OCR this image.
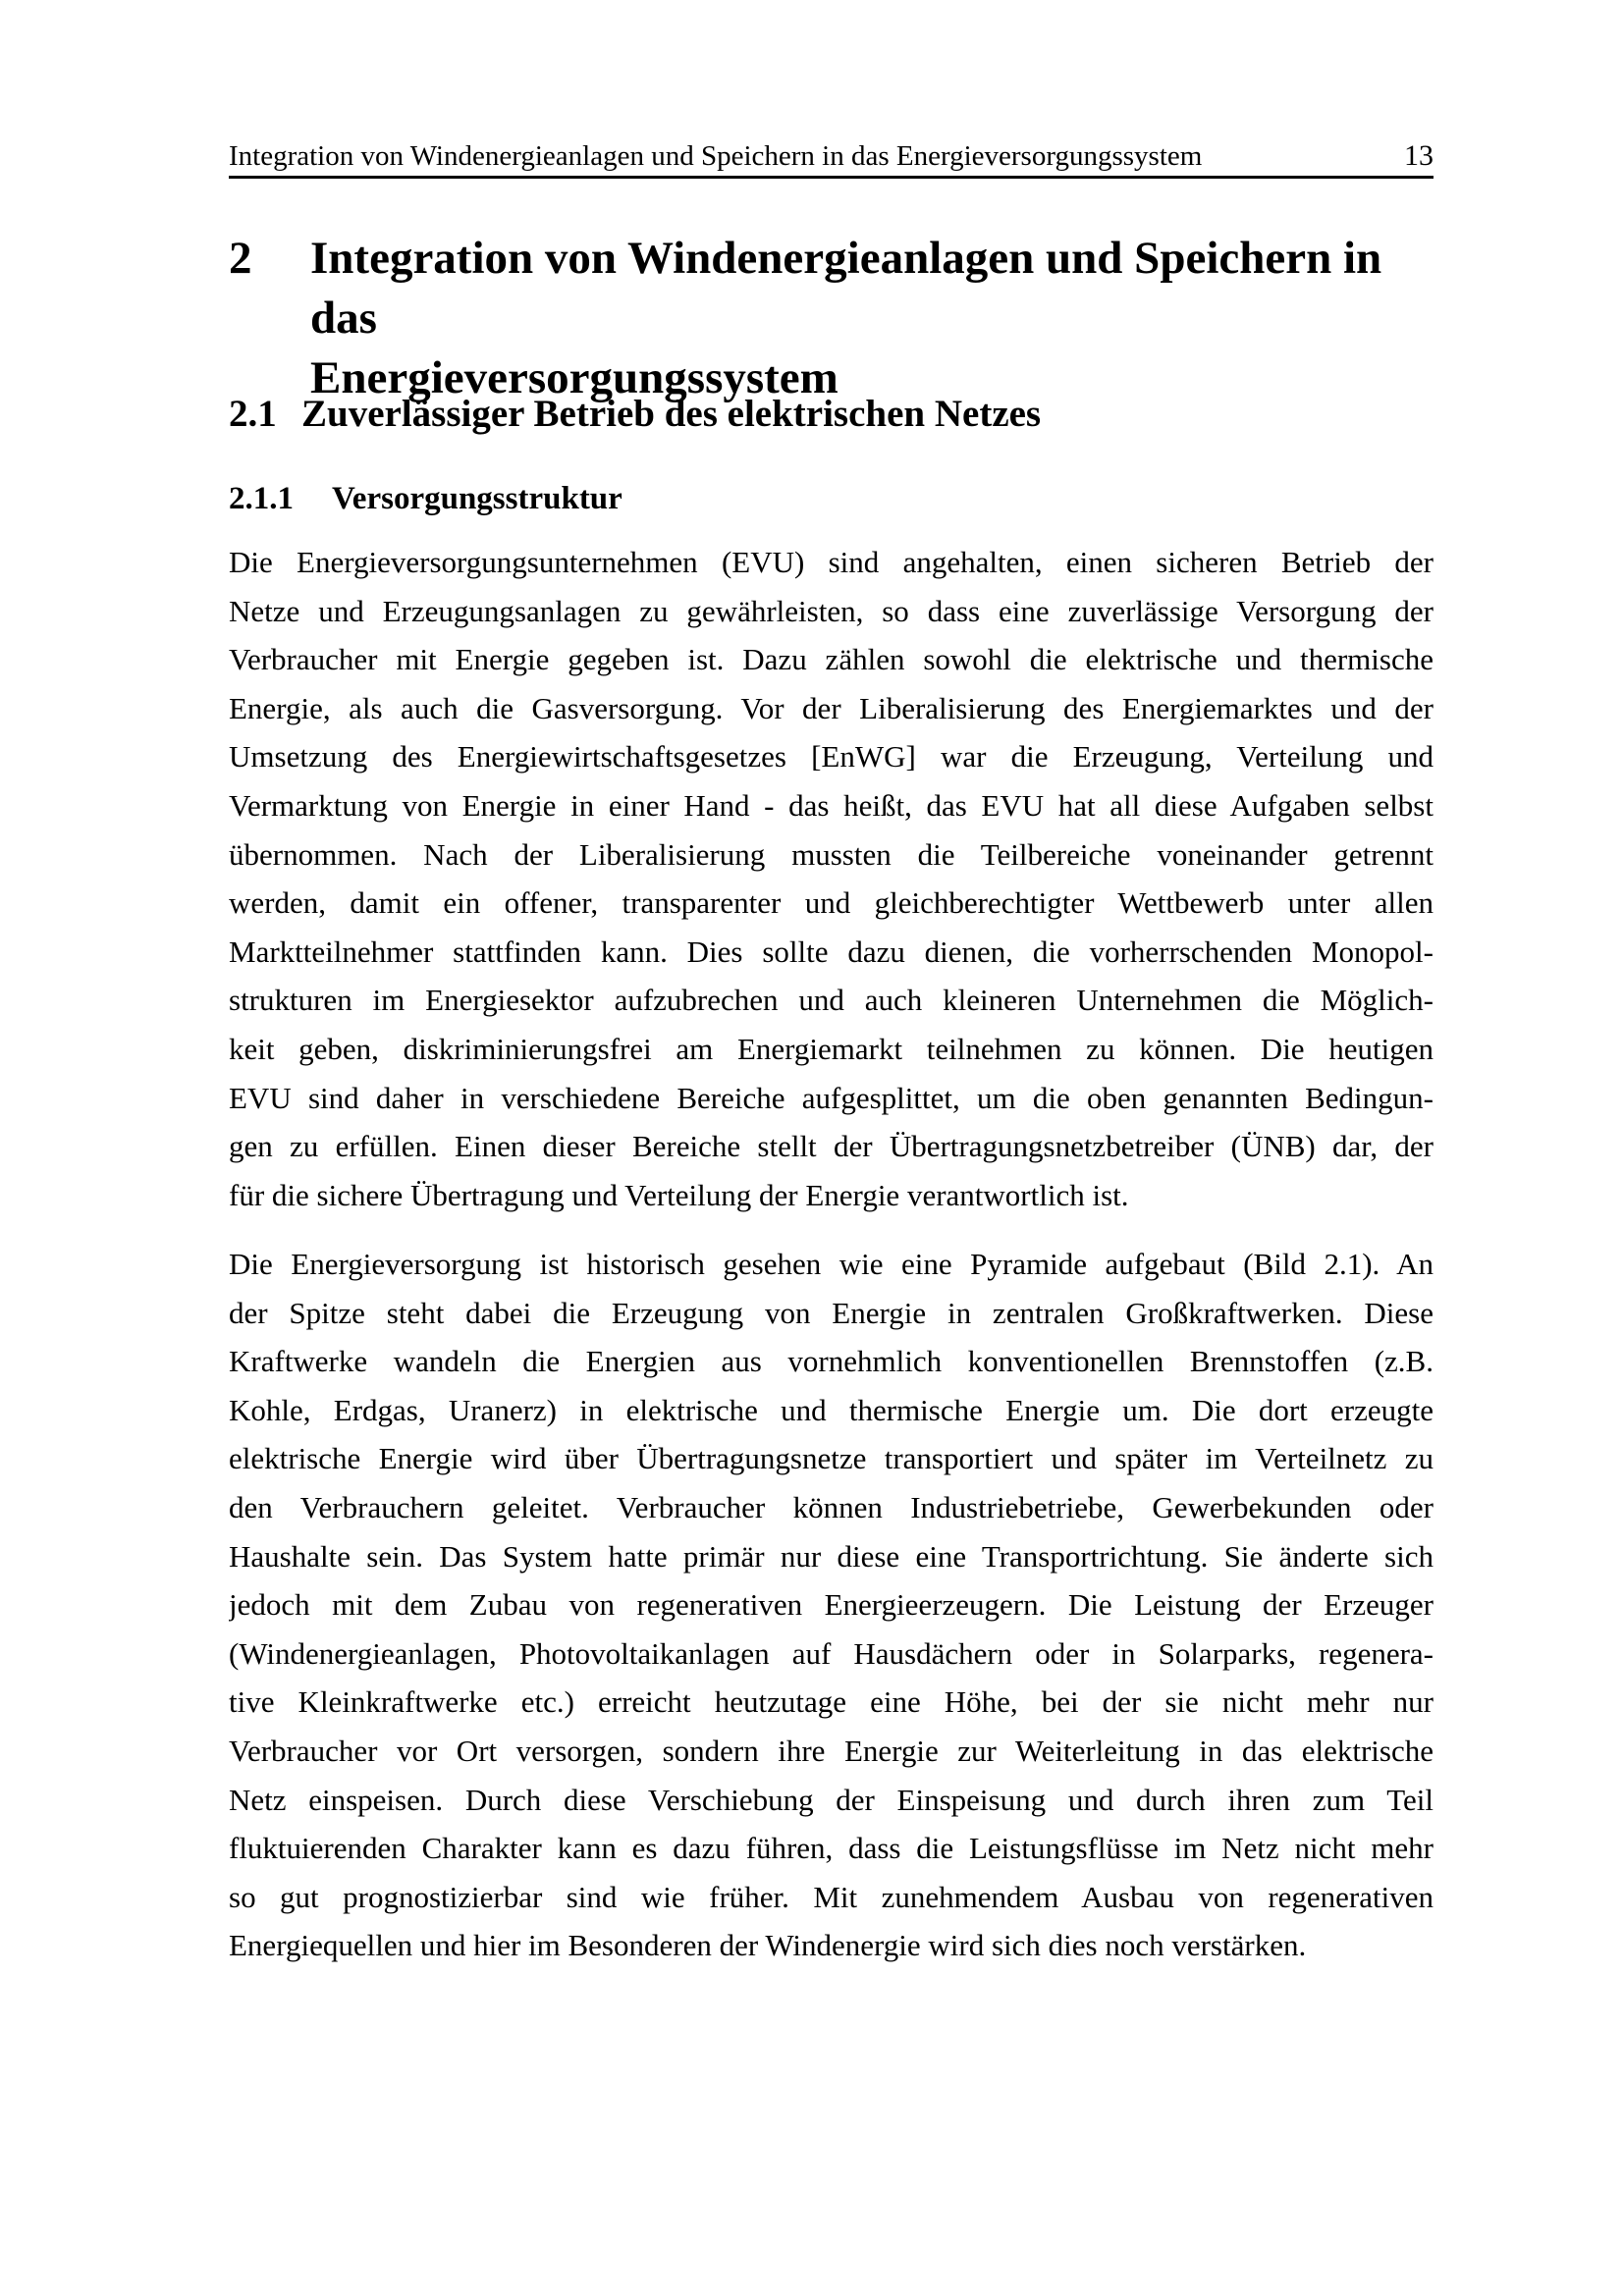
Integration von Windenergieanlagen und Speichern in das Energieversorgungssystem	13
2	Integration von Windenergieanlagen und Speichern in das
Energieversorgungssystem
2.1 Zuverlässiger Betrieb des elektrischen Netzes
2.1.1	Versorgungsstruktur
Die Energieversorgungsunternehmen (EVU) sind angehalten, einen sicheren Betrieb der
Netze und Erzeugungsanlagen zu gewährleisten, so dass eine zuverlässige Versorgung der
Verbraucher mit Energie gegeben ist. Dazu zählen sowohl die elektrische und thermische
Energie, als auch die Gasversorgung. Vor der Liberalisierung des Energiemarktes und der
Umsetzung des Energiewirtschaftsgesetzes [EnWG] war die Erzeugung, Verteilung und
Vermarktung von Energie in einer Hand - das heißt, das EVU hat all diese Aufgaben selbst
übernommen. Nach der Liberalisierung mussten die Teilbereiche voneinander getrennt
werden, damit ein offener, transparenter und gleichberechtigter Wettbewerb unter allen
Marktteilnehmer stattfinden kann. Dies sollte dazu dienen, die vorherrschenden Monopol-
strukturen im Energiesektor aufzubrechen und auch kleineren Unternehmen die Möglich-
keit geben, diskriminierungsfrei am Energiemarkt teilnehmen zu können. Die heutigen
EVU sind daher in verschiedene Bereiche aufgesplittet, um die oben genannten Bedingun-
gen zu erfüllen. Einen dieser Bereiche stellt der Übertragungsnetzbetreiber (ÜNB) dar, der
für die sichere Übertragung und Verteilung der Energie verantwortlich ist.
Die Energieversorgung ist historisch gesehen wie eine Pyramide aufgebaut (Bild 2.1). An
der Spitze steht dabei die Erzeugung von Energie in zentralen Großkraftwerken. Diese
Kraftwerke wandeln die Energien aus vornehmlich konventionellen Brennstoffen (z.B.
Kohle, Erdgas, Uranerz) in elektrische und thermische Energie um. Die dort erzeugte
elektrische Energie wird über Übertragungsnetze transportiert und später im Verteilnetz zu
den Verbrauchern geleitet. Verbraucher können Industriebetriebe, Gewerbekunden oder
Haushalte sein. Das System hatte primär nur diese eine Transportrichtung. Sie änderte sich
jedoch mit dem Zubau von regenerativen Energieerzeugern. Die Leistung der Erzeuger
(Windenergieanlagen, Photovoltaikanlagen auf Hausdächern oder in Solarparks, regenera-
tive Kleinkraftwerke etc.) erreicht heutzutage eine Höhe, bei der sie nicht mehr nur
Verbraucher vor Ort versorgen, sondern ihre Energie zur Weiterleitung in das elektrische
Netz einspeisen. Durch diese Verschiebung der Einspeisung und durch ihren zum Teil
fluktuierenden Charakter kann es dazu führen, dass die Leistungsflüsse im Netz nicht mehr
so gut prognostizierbar sind wie früher. Mit zunehmendem Ausbau von regenerativen
Energiequellen und hier im Besonderen der Windenergie wird sich dies noch verstärken.
